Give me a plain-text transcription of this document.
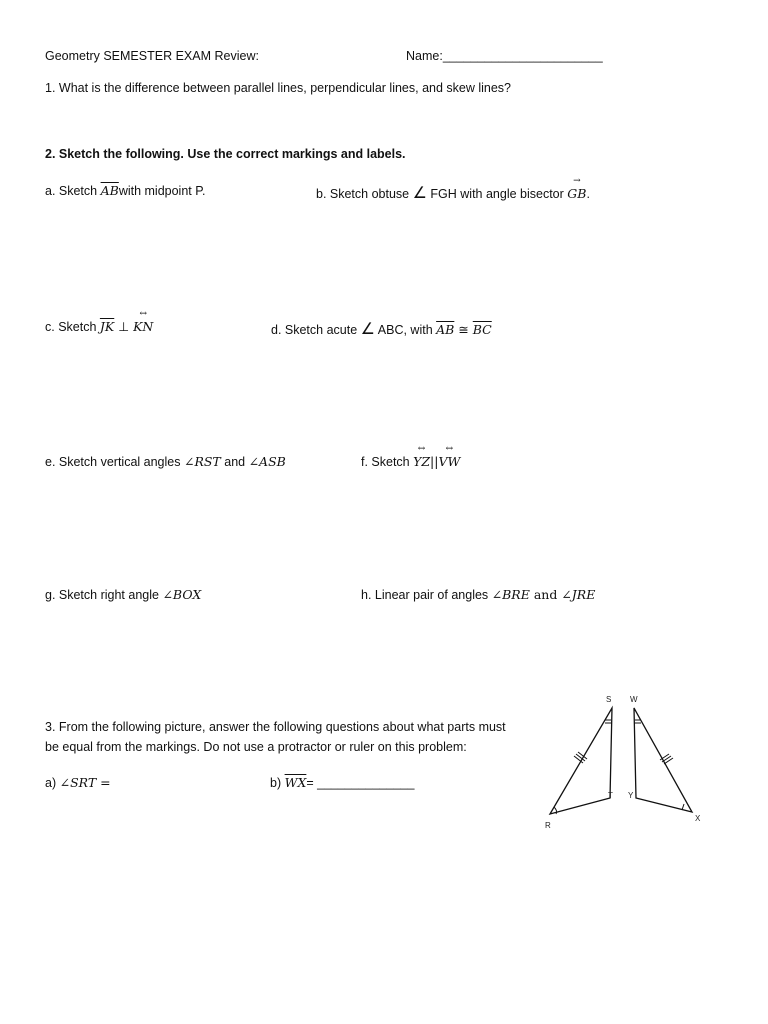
Geometry SEMESTER EXAM Review:	Name:_______________________
1. What is the difference between parallel lines, perpendicular lines, and skew lines?
2. Sketch the following. Use the correct markings and labels.
a. Sketch $\overline{AB}with$ midpoint P.	b. Sketch obtuse ∠ FGH with angle bisector → GB.
c. Sketch $\overline{JK}$ ⊥ ↔ KN	d. Sketch acute ∠ ABC, with $\overline{AB}$ ≅ $\overline{BC}$
e. Sketch vertical angles ∠RST and ∠ASB	f. Sketch ↔ YZ||↔ VW
g. Sketch right angle ∠BOX	h. Linear pair of angles ∠BRE and ∠JRE
3. From the following picture, answer the following questions about what parts must
be equal from the markings. Do not use a protractor or ruler on this problem:
a) ∠SRT =	b) $\overline{WX}=$ ______________
S W
T Y
R
X
